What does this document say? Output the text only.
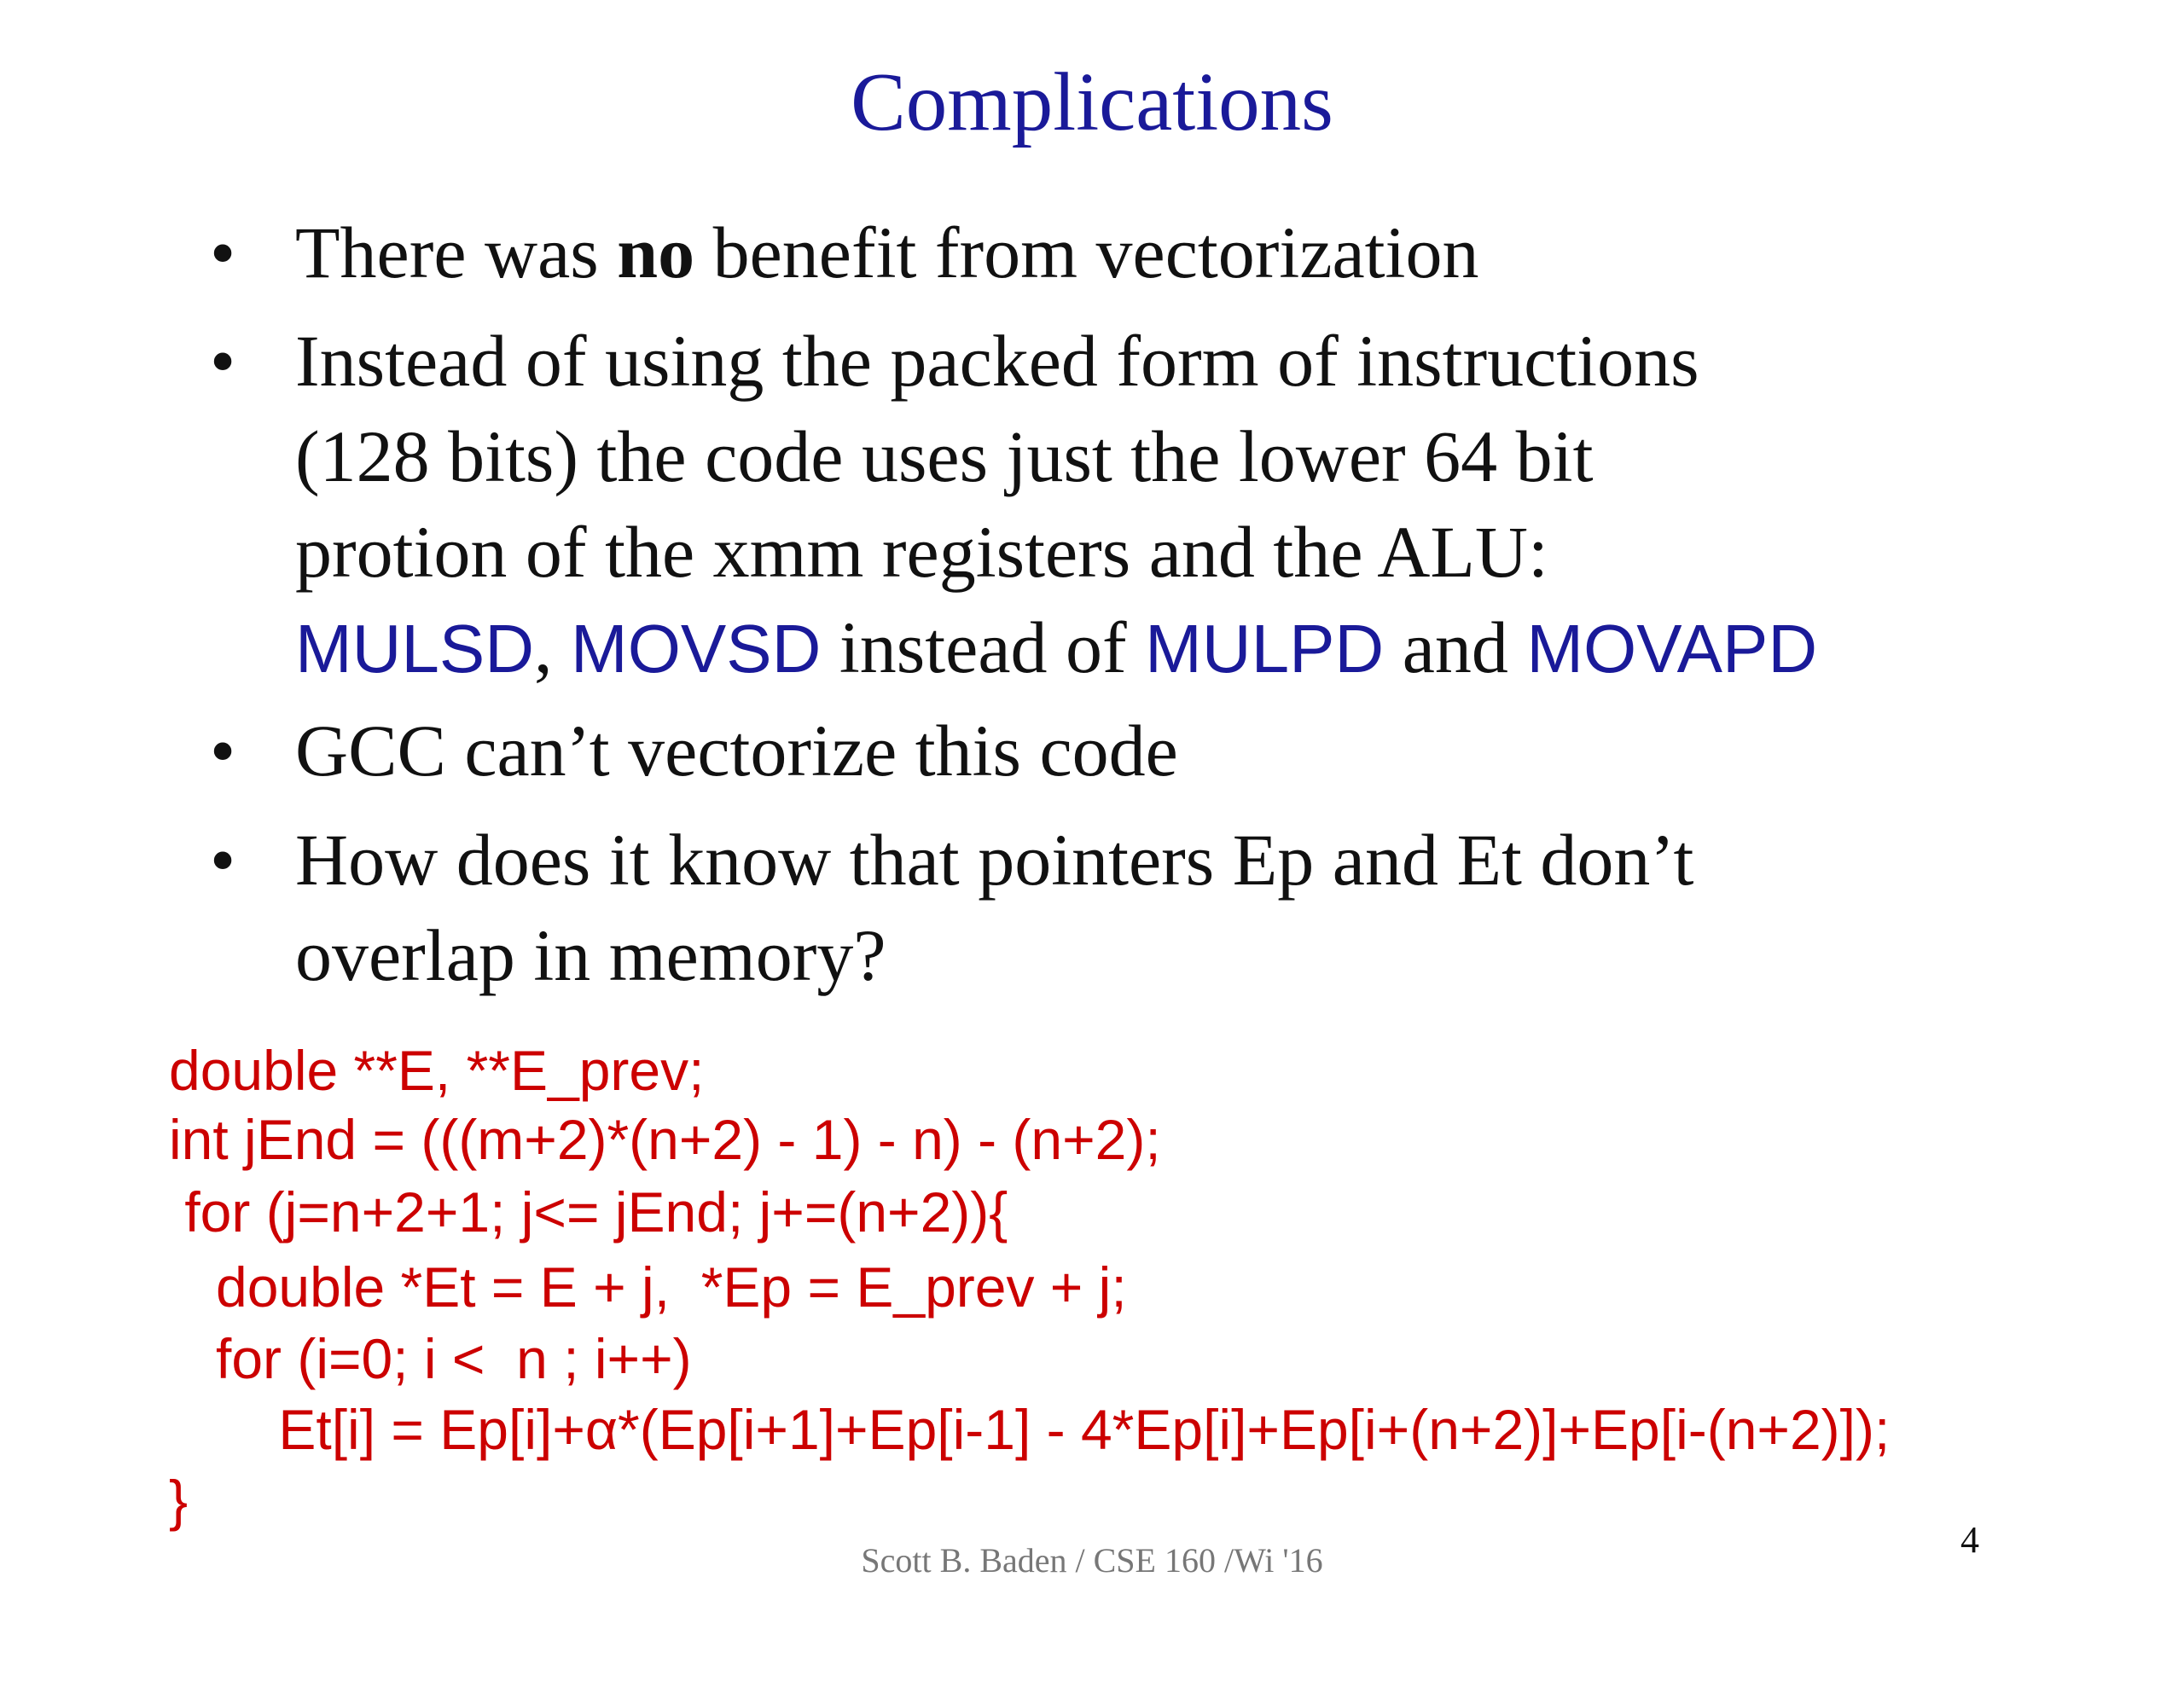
Complications
• There was no benefit from vectorization
• Instead of using the packed form of instructions
(128 bits) the code uses just the lower 64 bit
protion of the xmm registers and the ALU:
MULSD, MOVSD instead of MULPD and MOVAPD
• GCC can’t vectorize this code
• How does it know that pointers Ep and Et don’t
overlap in memory?

double **E, **E_prev;

int jEnd = (((m+2)*(n+2) - 1) - n) - (n+2);

for (j=n+2+1; j<= jEnd; j+=(n+2)){

double *Et = E + j,  *Ep = E_prev + j;

for (i=0; i <  n ; i++)

Et[i] = Ep[i]+α*(Ep[i+1]+Ep[i-1] - 4*Ep[i]+Ep[i+(n+2)]+Ep[i-(n+2)]);

}

Scott B. Baden / CSE 160 /Wi '16	4
